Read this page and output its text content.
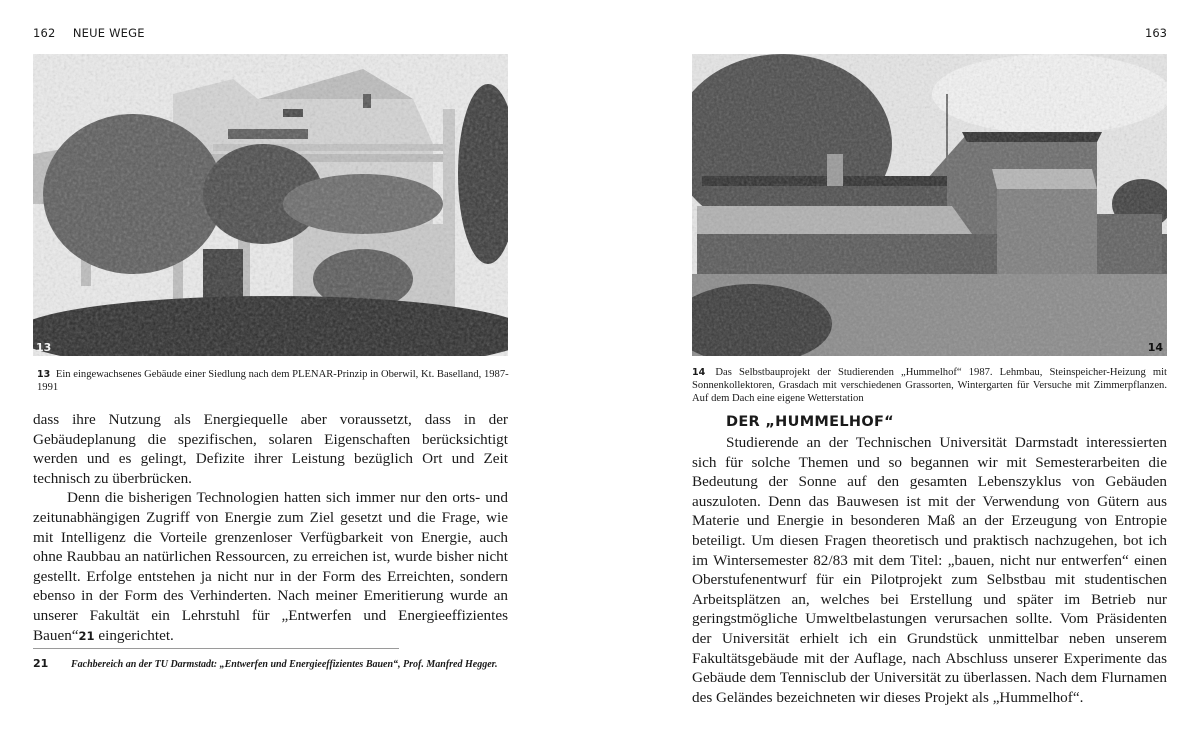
162 NEUE WEGE	163
13	14
13 Ein eingewachsenes Gebäude einer Siedlung nach dem PLENAR-Prinzip in Oberwil, Kt. Baselland, 1987-1991
14 Das Selbstbauprojekt der Studierenden „Hummelhof“ 1987. Lehmbau, Steinspeicher-Heizung mit Sonnenkollektoren, Grasdach mit verschiedenen Grassorten, Wintergarten für Versuche mit Zimmerpflanzen. Auf dem Dach eine eigene Wetterstation

dass ihre Nutzung als Energiequelle aber voraussetzt, dass in der Gebäudeplanung die spezifischen, solaren Eigenschaften berücksichtigt werden und es gelingt, Defizite ihrer Leistung bezüglich Ort und Zeit technisch zu überbrücken.

Denn die bisherigen Technologien hatten sich immer nur den orts- und zeitunabhängigen Zugriff von Energie zum Ziel gesetzt und die Frage, wie mit Intelligenz die Vorteile grenzenloser Verfügbarkeit von Energie, auch ohne Raubbau an natürlichen Ressourcen, zu erreichen ist, wurde bisher nicht gestellt. Erfolge entstehen ja nicht nur in der Form des Erreichten, sondern ebenso in der Form des Verhinderten. Nach meiner Emeritierung wurde an unserer Fakultät ein Lehrstuhl für „Entwerfen und Energieeffizientes Bauen“21 eingerichtet.

21 Fachbereich an der TU Darmstadt: „Entwerfen und Energieeffizientes Bauen“, Prof. Manfred Hegger.
DER „HUMMELHOF“

Studierende an der Technischen Universität Darmstadt interessierten sich für solche Themen und so begannen wir mit Semesterarbeiten die Bedeutung der Sonne auf den gesamten Lebenszyklus von Gebäuden auszuloten. Denn das Bauwesen ist mit der Verwendung von Gütern aus Materie und Energie in besonderen Maß an der Erzeugung von Entropie beteiligt. Um diesen Fragen theoretisch und praktisch nachzugehen, bot ich im Wintersemester 82/83 mit dem Titel: „bauen, nicht nur entwerfen“ einen Oberstufenentwurf für ein Pilotprojekt zum Selbstbau mit studentischen Arbeitsplätzen an, welches bei Erstellung und später im Betrieb nur geringstmögliche Umweltbelastungen verursachen sollte. Vom Präsidenten der Universität erhielt ich ein Grundstück unmittelbar neben unserem Fakultätsgebäude mit der Auflage, nach Abschluss unserer Experimente das Gebäude dem Tennisclub der Universität zu überlassen. Nach dem Flurnamen des Geländes bezeichneten wir dieses Projekt als „Hummelhof“.
